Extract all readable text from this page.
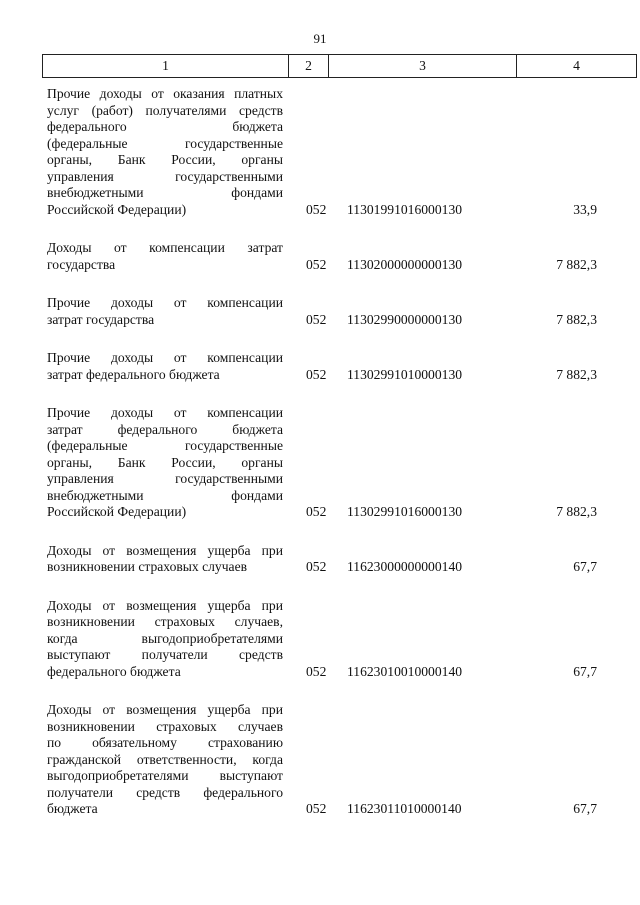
91
1	2	3	4
Прочие доходы от оказания платных
услуг (работ) получателями средств
федерального бюджета
(федеральные государственные
органы, Банк России, органы
управления государственными
внебюджетными фондами
Российской Федерации)	052 11301991016000130	33,9
Доходы от компенсации затрат
государства	052 11302000000000130	7 882,3
Прочие доходы от компенсации
затрат государства	052 11302990000000130	7 882,3
Прочие доходы от компенсации
затрат федерального бюджета	052 11302991010000130	7 882,3
Прочие доходы от компенсации
затрат федерального бюджета
(федеральные государственные
органы, Банк России, органы
управления государственными
внебюджетными фондами
Российской Федерации)	052 11302991016000130	7 882,3
Доходы от возмещения ущерба при
возникновении страховых случаев	052 11623000000000140	67,7
Доходы от возмещения ущерба при
возникновении страховых случаев,
когда выгодоприобретателями
выступают получатели средств
федерального бюджета	052 11623010010000140	67,7
Доходы от возмещения ущерба при
возникновении страховых случаев
по обязательному страхованию
гражданской ответственности, когда
выгодоприобретателями выступают
получатели средств федерального
бюджета	052 11623011010000140	67,7
